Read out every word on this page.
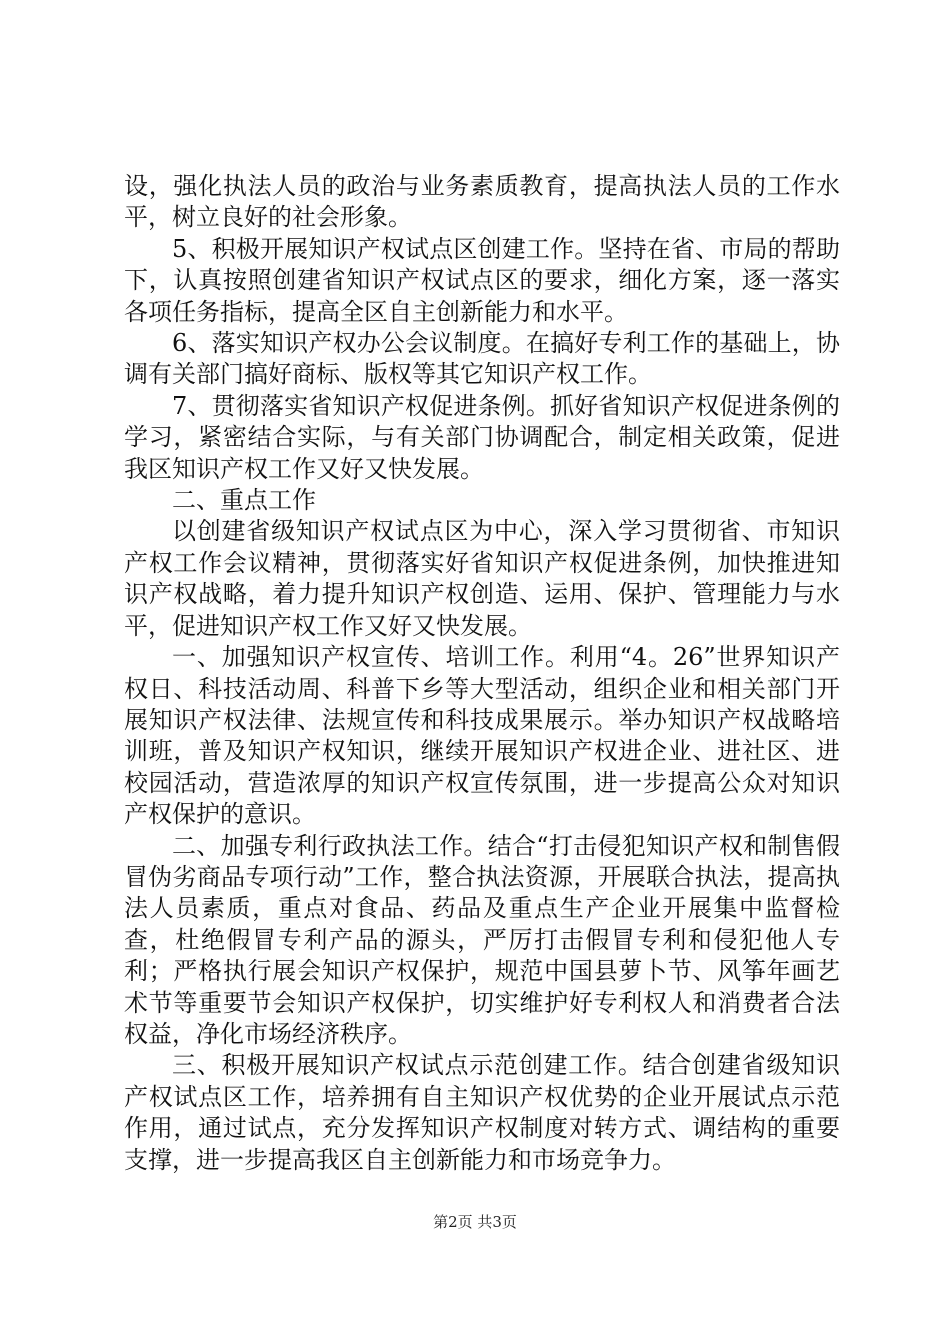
设，强化执法人员的政治与业务素质教育，提高执法人员的工作水平，树立良好的社会形象。

5、积极开展知识产权试点区创建工作。坚持在省、市局的帮助下，认真按照创建省知识产权试点区的要求，细化方案，逐一落实各项任务指标，提高全区自主创新能力和水平。

6、落实知识产权办公会议制度。在搞好专利工作的基础上，协调有关部门搞好商标、版权等其它知识产权工作。

7、贯彻落实省知识产权促进条例。抓好省知识产权促进条例的学习，紧密结合实际，与有关部门协调配合，制定相关政策，促进我区知识产权工作又好又快发展。

二、重点工作

以创建省级知识产权试点区为中心，深入学习贯彻省、市知识产权工作会议精神，贯彻落实好省知识产权促进条例，加快推进知识产权战略，着力提升知识产权创造、运用、保护、管理能力与水平，促进知识产权工作又好又快发展。

一、加强知识产权宣传、培训工作。利用“4。26”世界知识产权日、科技活动周、科普下乡等大型活动，组织企业和相关部门开展知识产权法律、法规宣传和科技成果展示。举办知识产权战略培训班，普及知识产权知识，继续开展知识产权进企业、进社区、进校园活动，营造浓厚的知识产权宣传氛围，进一步提高公众对知识产权保护的意识。

二、加强专利行政执法工作。结合“打击侵犯知识产权和制售假冒伪劣商品专项行动”工作，整合执法资源，开展联合执法，提高执法人员素质，重点对食品、药品及重点生产企业开展集中监督检查，杜绝假冒专利产品的源头，严厉打击假冒专利和侵犯他人专利；严格执行展会知识产权保护，规范中国县萝卜节、风筝年画艺术节等重要节会知识产权保护，切实维护好专利权人和消费者合法权益，净化市场经济秩序。

三、积极开展知识产权试点示范创建工作。结合创建省级知识产权试点区工作，培养拥有自主知识产权优势的企业开展试点示范作用，通过试点，充分发挥知识产权制度对转方式、调结构的重要支撑，进一步提高我区自主创新能力和市场竞争力。

第2页 共3页
